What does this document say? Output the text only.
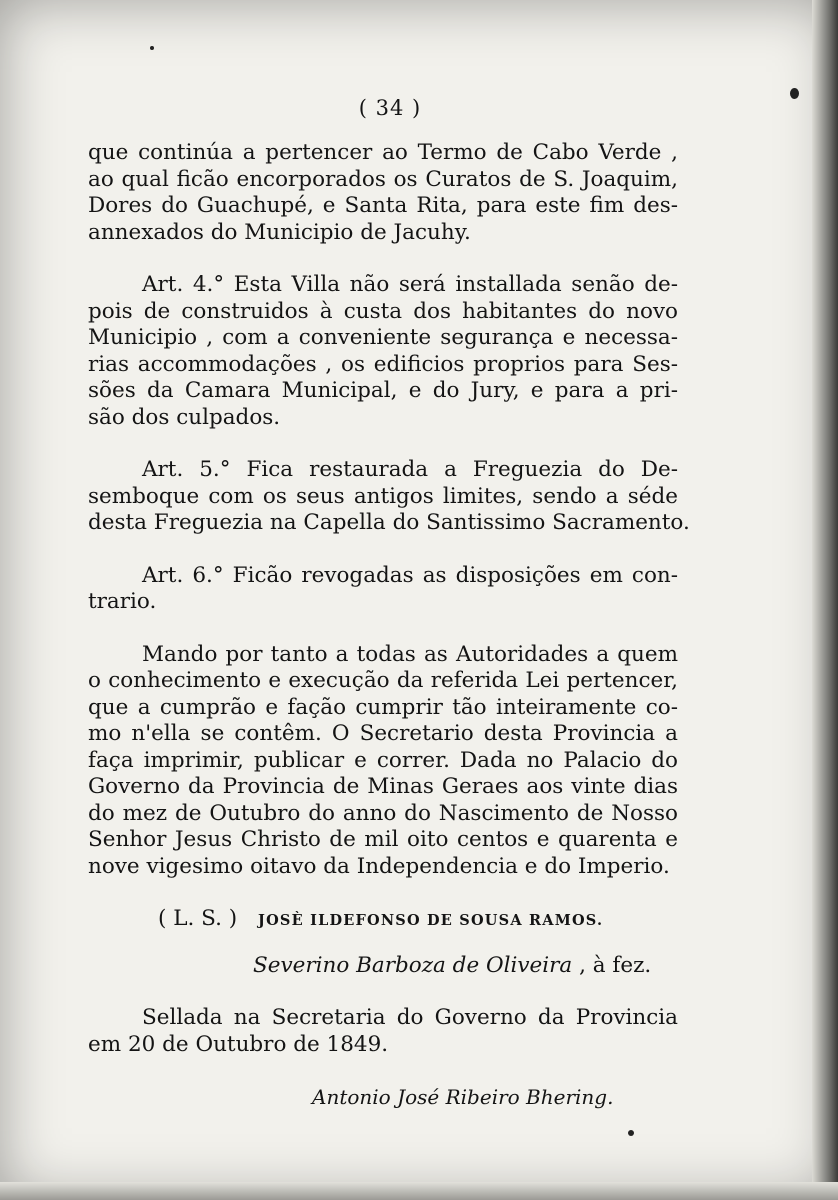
( 34 )
que continúa a pertencer ao Termo de Cabo Verde ,
ao qual ficão encorporados os Curatos de S. Joaquim,
Dores do Guachupé, e Santa Rita, para este fim des-
annexados do Municipio de Jacuhy.
Art. 4.° Esta Villa não será installada senão de-
pois de construidos à custa dos habitantes do novo
Municipio , com a conveniente segurança e necessa-
rias accommodações , os edificios proprios para Ses-
sões da Camara Municipal, e do Jury, e para a pri-
são dos culpados.
Art. 5.° Fica restaurada a Freguezia do De-
semboque com os seus antigos limites, sendo a séde
desta Freguezia na Capella do Santissimo Sacramento.
Art. 6.° Ficão revogadas as disposições em con-
trario.
Mando por tanto a todas as Autoridades a quem
o conhecimento e execução da referida Lei pertencer,
que a cumprão e fação cumprir tão inteiramente co-
mo n'ella se contêm. O Secretario desta Provincia a
faça imprimir, publicar e correr. Dada no Palacio do
Governo da Provincia de Minas Geraes aos vinte dias
do mez de Outubro do anno do Nascimento de Nosso
Senhor Jesus Christo de mil oito centos e quarenta e
nove vigesimo oitavo da Independencia e do Imperio.
( L. S. ) JOSÈ ILDEFONSO DE SOUSA RAMOS.
Severino Barboza de Oliveira , à fez.
Sellada na Secretaria do Governo da Provincia
em 20 de Outubro de 1849.
Antonio José Ribeiro Bhering.
